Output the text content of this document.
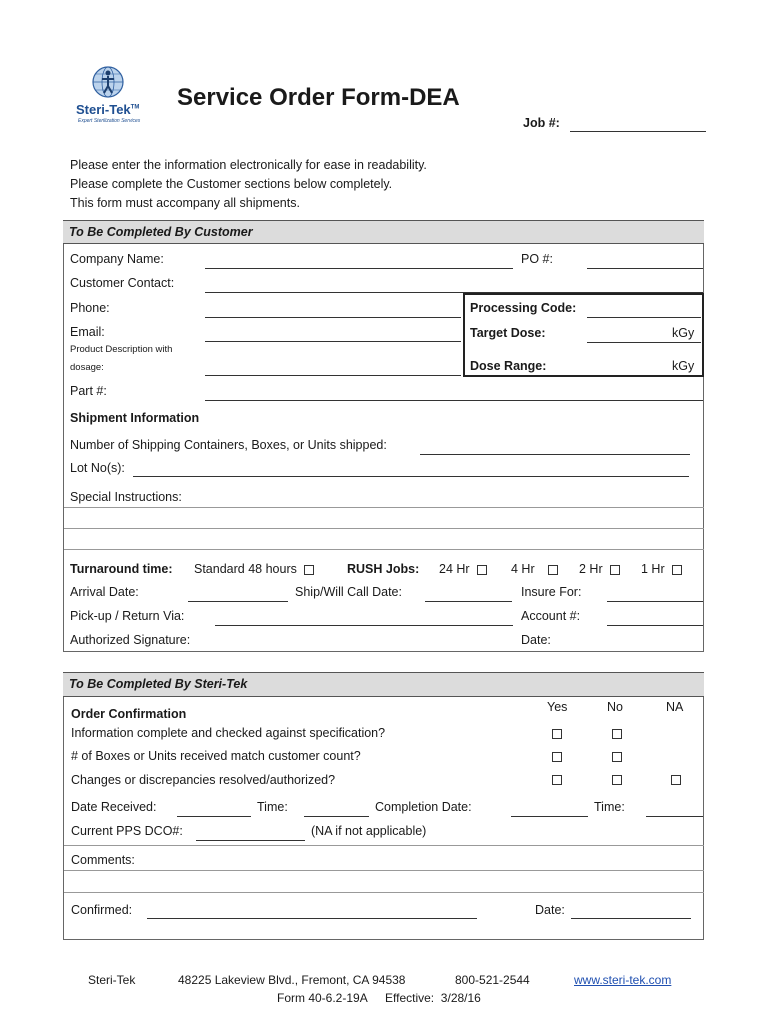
Steri-Tek™
Expert Sterilization Services
Service Order Form-DEA
Job #:
Please enter the information electronically for ease in readability.
Please complete the Customer sections below completely.
This form must accompany all shipments.
To Be Completed By Customer
Company Name:	PO #:
Customer Contact:
Phone:
Email:
Product Description with
dosage:
Processing Code:
Target Dose:	kGy
Dose Range:	kGy
Part #:
Shipment Information
Number of Shipping Containers, Boxes, or Units shipped:
Lot No(s):
Special Instructions:
Turnaround time: Standard 48 hours	RUSH Jobs: 24 Hr	4 Hr	2 Hr	1 Hr
Arrival Date:	Ship/Will Call Date:	Insure For:
Pick-up / Return Via:	Account #:
Authorized Signature:	Date:
To Be Completed By Steri-Tek
Order Confirmation	Yes	No	NA
Information complete and checked against specification?
# of Boxes or Units received match customer count?
Changes or discrepancies resolved/authorized?
Date Received:	Time:	Completion Date:	Time:
Current PPS DCO#:	(NA if not applicable)
Comments:
Confirmed:	Date:
Steri-Tek	48225 Lakeview Blvd., Fremont, CA 94538	800-521-2544	www.steri-tek.com
Form 40-6.2-19A Effective:  3/28/16
